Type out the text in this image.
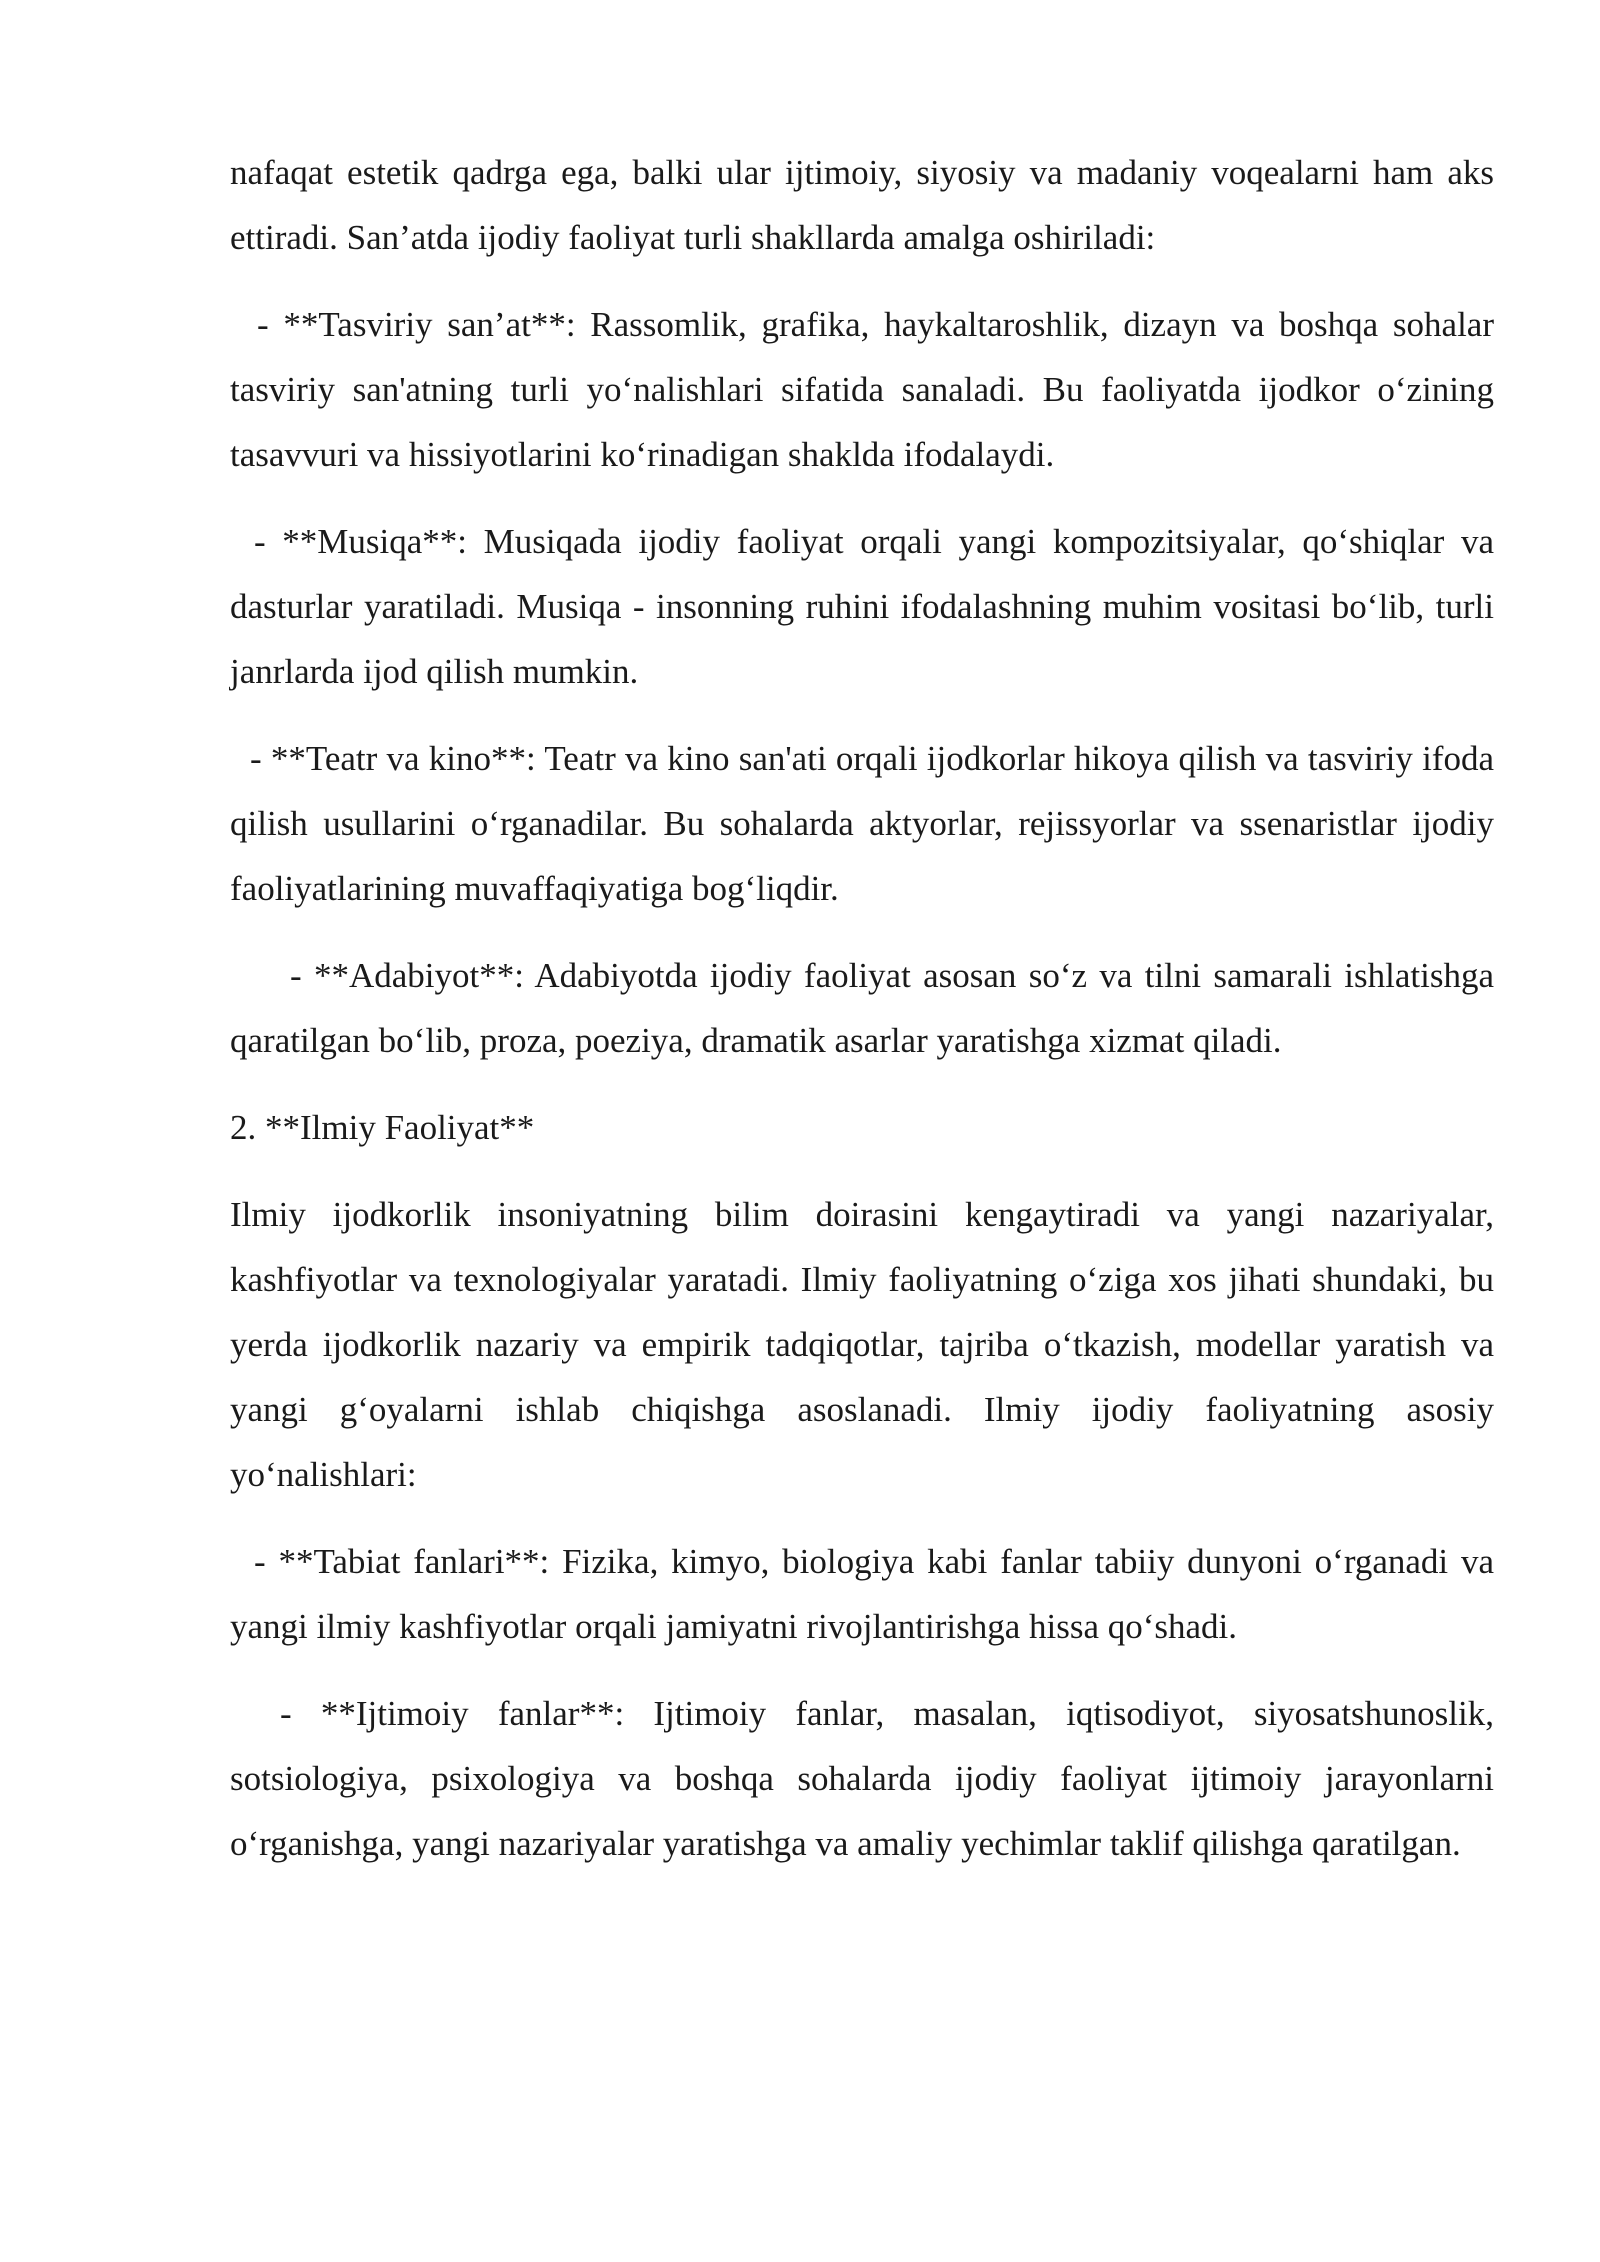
nafaqat estetik qadrga ega, balki ular ijtimoiy, siyosiy va madaniy voqealarni ham aks ettiradi. San’atda ijodiy faoliyat turli shakllarda amalga oshiriladi:

- **Tasviriy san’at**: Rassomlik, grafika, haykaltaroshlik, dizayn va boshqa sohalar tasviriy san'atning turli yo‘nalishlari sifatida sanaladi. Bu faoliyatda ijodkor o‘zining tasavvuri va hissiyotlarini ko‘rinadigan shaklda ifodalaydi.

- **Musiqa**: Musiqada ijodiy faoliyat orqali yangi kompozitsiyalar, qo‘shiqlar va dasturlar yaratiladi. Musiqa - insonning ruhini ifodalashning muhim vositasi bo‘lib, turli janrlarda ijod qilish mumkin.

- **Teatr va kino**: Teatr va kino san'ati orqali ijodkorlar hikoya qilish va tasviriy ifoda qilish usullarini o‘rganadilar. Bu sohalarda aktyorlar, rejissyorlar va ssenaristlar ijodiy faoliyatlarining muvaffaqiyatiga bog‘liqdir.

- **Adabiyot**: Adabiyotda ijodiy faoliyat asosan so‘z va tilni samarali ishlatishga qaratilgan bo‘lib, proza, poeziya, dramatik asarlar yaratishga xizmat qiladi.

2. **Ilmiy Faoliyat**

Ilmiy ijodkorlik insoniyatning bilim doirasini kengaytiradi va yangi nazariyalar, kashfiyotlar va texnologiyalar yaratadi. Ilmiy faoliyatning o‘ziga xos jihati shundaki, bu yerda ijodkorlik nazariy va empirik tadqiqotlar, tajriba o‘tkazish, modellar yaratish va yangi g‘oyalarni ishlab chiqishga asoslanadi. Ilmiy ijodiy faoliyatning asosiy yo‘nalishlari:

- **Tabiat fanlari**: Fizika, kimyo, biologiya kabi fanlar tabiiy dunyoni o‘rganadi va yangi ilmiy kashfiyotlar orqali jamiyatni rivojlantirishga hissa qo‘shadi.

- **Ijtimoiy fanlar**: Ijtimoiy fanlar, masalan, iqtisodiyot, siyosatshunoslik, sotsiologiya, psixologiya va boshqa sohalarda ijodiy faoliyat ijtimoiy jarayonlarni o‘rganishga, yangi nazariyalar yaratishga va amaliy yechimlar taklif qilishga qaratilgan.
